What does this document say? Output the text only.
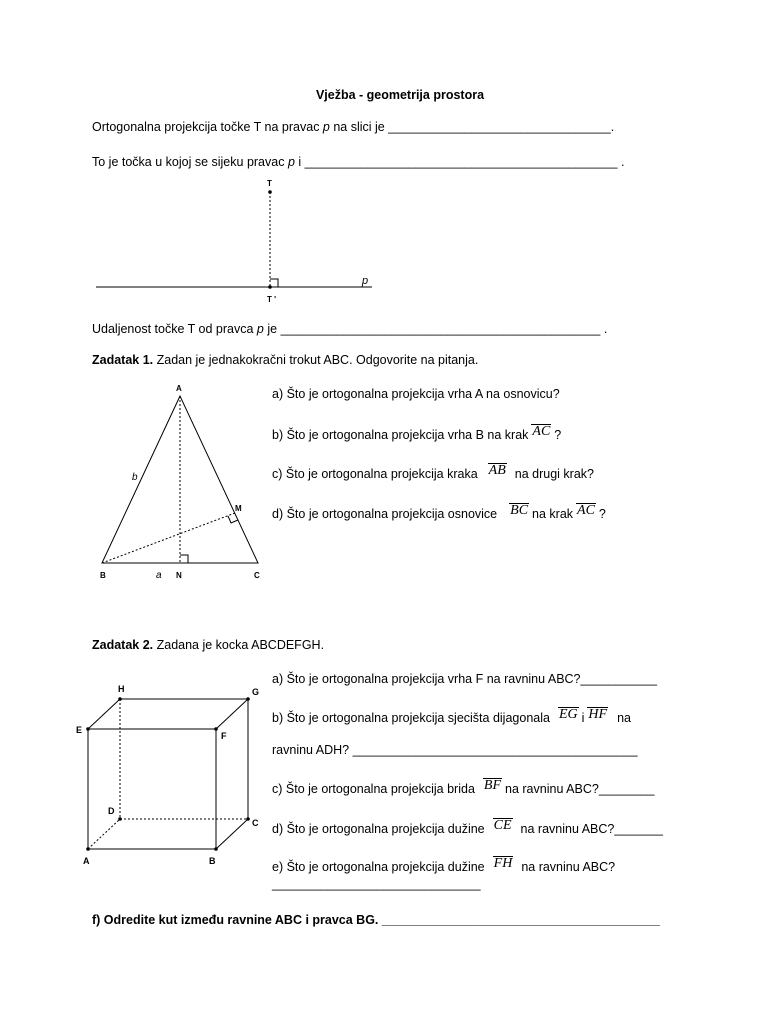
Vježba - geometrija prostora
Ortogonalna projekcija točke T na pravac p na slici je ________________________________.
To je točka u kojoj se sijeku pravac p i _____________________________________________ .
T
T '
p
Udaljenost točke T od pravca p je ______________________________________________ .
Zadatak 1. Zadan je jednakokračni trokut ABC. Odgovorite na pitanja.
A
B	C
N
M
a
b
a) Što je ortogonalna projekcija vrha A na osnovicu?
b) Što je ortogonalna projekcija vrha B na krak AC ?
c) Što je ortogonalna projekcija kraka AB na drugi krak?
d) Što je ortogonalna projekcija osnovice BC na krak AC ?
Zadatak 2. Zadana je kocka ABCDEFGH.
A	B
C
D
E
F
G
H
a) Što je ortogonalna projekcija vrha F na ravninu ABC?___________
b) Što je ortogonalna projekcija sjecišta dijagonala EG i HF na
ravninu ADH? _________________________________________
c) Što je ortogonalna projekcija brida BF na ravninu ABC?________
d) Što je ortogonalna projekcija dužine CE na ravninu ABC?_______
e) Što je ortogonalna projekcija dužine FH na ravninu ABC?
______________________________
f) Odredite kut između ravnine ABC i pravca BG. ________________________________________
